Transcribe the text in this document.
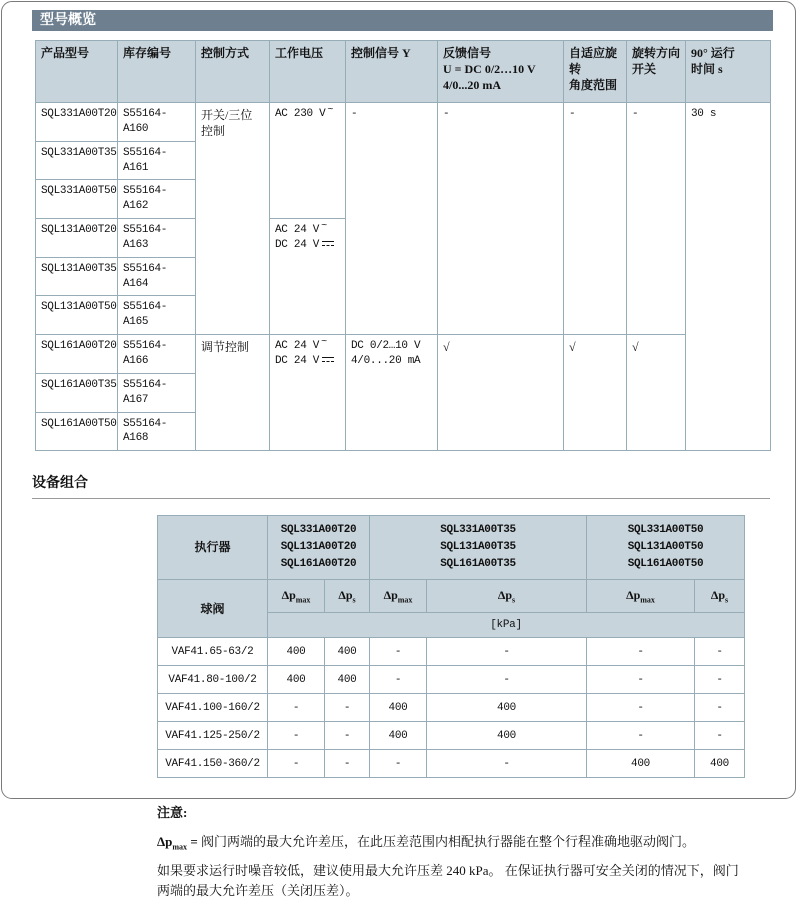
型号概览
产品型号	库存编号	控制方式	工作电压	控制信号 Y	反馈信号
U = DC 0/2…10 V
4/0...20 mA	自适应旋转
角度范围	旋转方向
开关	90° 运行
时间 s
SQL331A00T20	S55164-A160	开关/三位控制	AC 230 V ~	-	-	-	-	30 s
SQL331A00T35	S55164-A161							
SQL331A00T50	S55164-A162							
SQL131A00T20	S55164-A163		AC 24 V ~
DC 24 V					

SQL131A00T35	S55164-A164							
SQL131A00T50	S55164-A165							
SQL161A00T20	S55164-A166	调节控制	AC 24 V ~
DC 24 V	DC 0/2…10 V
4/0...20 mA	√	√	√	
SQL161A00T35	S55164-A167							
SQL161A00T50	S55164-A168							
设备组合
执行器	SQL331A00T20
SQL131A00T20
SQL161A00T20		SQL331A00T35
SQL131A00T35
SQL161A00T35		SQL331A00T50
SQL131A00T50
SQL161A00T50	
球阀	$\Delta p_{max}$	$\Delta p_s$	$\Delta p_{max}$	$\Delta p_s$	$\Delta p_{max}$	$\Delta p_s$
	[kPa]					
VAF41.65-63/2	400	400	-	-	-	-
VAF41.80-100/2	400	400	-	-	-	-
VAF41.100-160/2	-	-	400	400	-	-
VAF41.125-250/2	-	-	400	400	-	-
VAF41.150-360/2	-	-	-	-	400	400
注意:
$\Delta p_{max}$ = 阀门两端的最大允许差压，在此压差范围内相配执行器能在整个行程准确地驱动阀门。
如果要求运行时噪音较低，建议使用最大允许压差 240 kPa。 在保证执行器可安全关闭的情况下，阀门两端的最大允许差压（关闭压差）。
